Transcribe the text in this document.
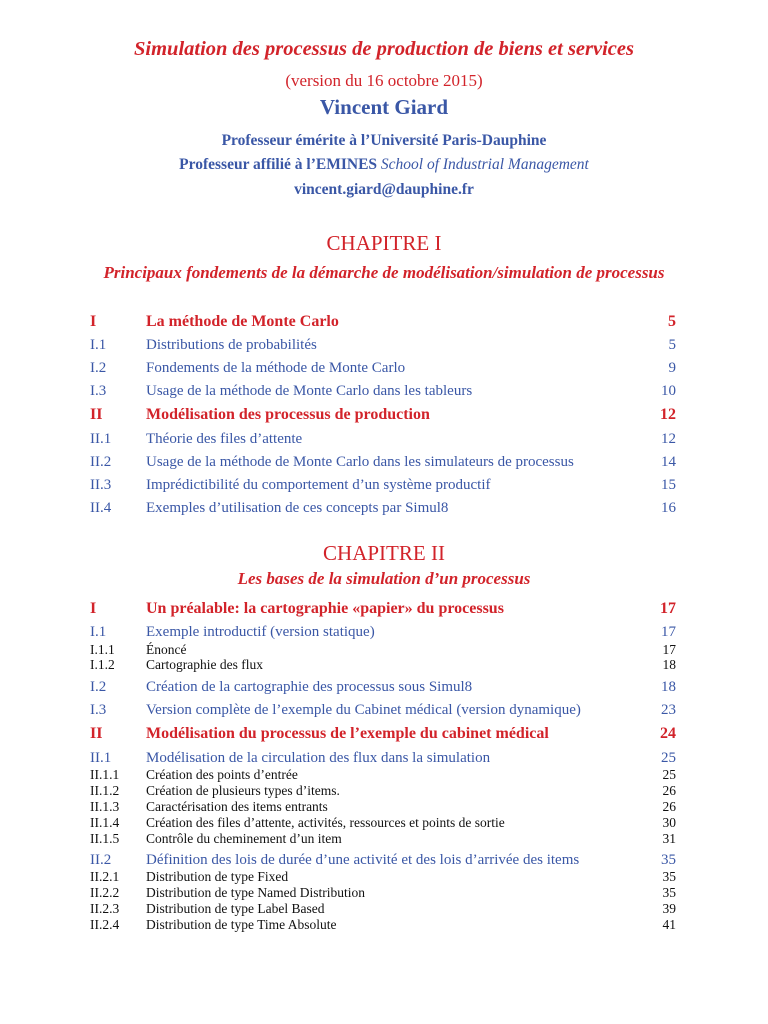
Simulation des processus de production de biens et services
(version du 16 octobre 2015)
Vincent Giard
Professeur émérite à l’Université Paris-Dauphine
Professeur affilié à l’EMINES School of Industrial Management
vincent.giard@dauphine.fr
CHAPITRE I
Principaux fondements de la démarche de modélisation/simulation de processus
I	La méthode de Monte Carlo	5
I.1	Distributions de probabilités	5
I.2	Fondements de la méthode de Monte Carlo	9
I.3	Usage de la méthode de Monte Carlo dans les tableurs	10
II	Modélisation des processus de production	12
II.1 Théorie des files d’attente	12
II.2 Usage de la méthode de Monte Carlo dans les simulateurs de processus	14
II.3 Imprédictibilité du comportement d’un système productif	15
II.4 Exemples d’utilisation de ces concepts par Simul8	16
CHAPITRE II
Les bases de la simulation d’un processus
I	Un préalable: la cartographie «papier» du processus	17
I.1	Exemple introductif (version statique)	17
I.1.1 Énoncé	17
I.1.2 Cartographie des flux	18
I.2	Création de la cartographie des processus sous Simul8	18
I.3	Version complète de l’exemple du Cabinet médical (version dynamique)	23
II	Modélisation du processus de l’exemple du cabinet médical	24
II.1 Modélisation de la circulation des flux dans la simulation	25
II.1.1 Création des points d’entrée	25
II.1.2 Création de plusieurs types d’items.	26
II.1.3 Caractérisation des items entrants	26
II.1.4 Création des files d’attente, activités, ressources et points de sortie	30
II.1.5 Contrôle du cheminement d’un item	31
II.2 Définition des lois de durée d’une activité et des lois d’arrivée des items	35
II.2.1 Distribution de type Fixed	35
II.2.2 Distribution de type Named Distribution	35
II.2.3 Distribution de type Label Based	39
II.2.4 Distribution de type Time Absolute	41
